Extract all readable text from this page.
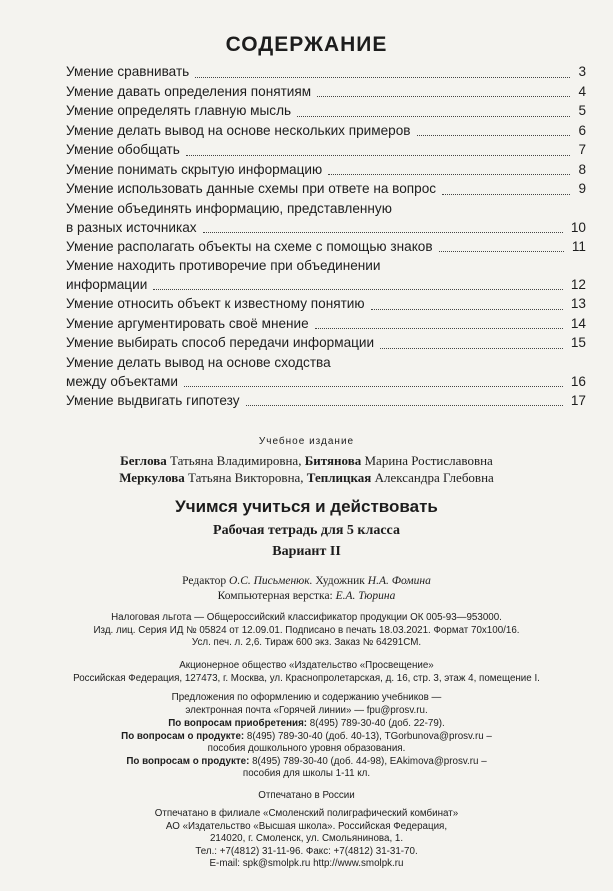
СОДЕРЖАНИЕ
Умение сравнивать	3
Умение давать определения понятиям	4
Умение определять главную мысль	5
Умение делать вывод на основе нескольких примеров	6
Умение обобщать	7
Умение понимать скрытую информацию	8
Умение использовать данные схемы при ответе на вопрос	9
Умение объединять информацию, представленную
в разных источниках	10
Умение располагать объекты на схеме с помощью знаков	11
Умение находить противоречие при объединении
информации	12
Умение относить объект к известному понятию	13
Умение аргументировать своё мнение	14
Умение выбирать способ передачи информации	15
Умение делать вывод на основе сходства
между объектами	16
Умение выдвигать гипотезу	17
Учебное издание
Беглова Татьяна Владимировна, Битянова Марина Ростиславовна
Меркулова Татьяна Викторовна, Теплицкая Александра Глебовна
Учимся учиться и действовать
Рабочая тетрадь для 5 класса
Вариант II
Редактор О.С. Письменюк. Художник Н.А. Фомина
Компьютерная верстка: Е.А. Тюрина
Налоговая льгота — Общероссийский классификатор продукции ОК 005-93—953000.
Изд. лиц. Серия ИД № 05824 от 12.09.01. Подписано в печать 18.03.2021. Формат 70x100/16.
Усл. печ. л. 2,6. Тираж 600 экз. Заказ № 64291СМ.
Акционерное общество «Издательство «Просвещение»
Российская Федерация, 127473, г. Москва, ул. Краснопролетарская, д. 16, стр. 3, этаж 4, помещение I.
Предложения по оформлению и содержанию учебников —
электронная почта «Горячей линии» — fpu@prosv.ru.
По вопросам приобретения: 8(495) 789-30-40 (доб. 22-79).
По вопросам о продукте: 8(495) 789-30-40 (доб. 40-13), TGorbunova@prosv.ru –
пособия дошкольного уровня образования.
По вопросам о продукте: 8(495) 789-30-40 (доб. 44-98), EAkimova@prosv.ru –
пособия для школы 1-11 кл.
Отпечатано в России
Отпечатано в филиале «Смоленский полиграфический комбинат»
АО «Издательство «Высшая школа». Российская Федерация,
214020, г. Смоленск, ул. Смольянинова, 1.
Тел.: +7(4812) 31-11-96. Факс: +7(4812) 31-31-70.
E-mail: spk@smolpk.ru http://www.smolpk.ru
